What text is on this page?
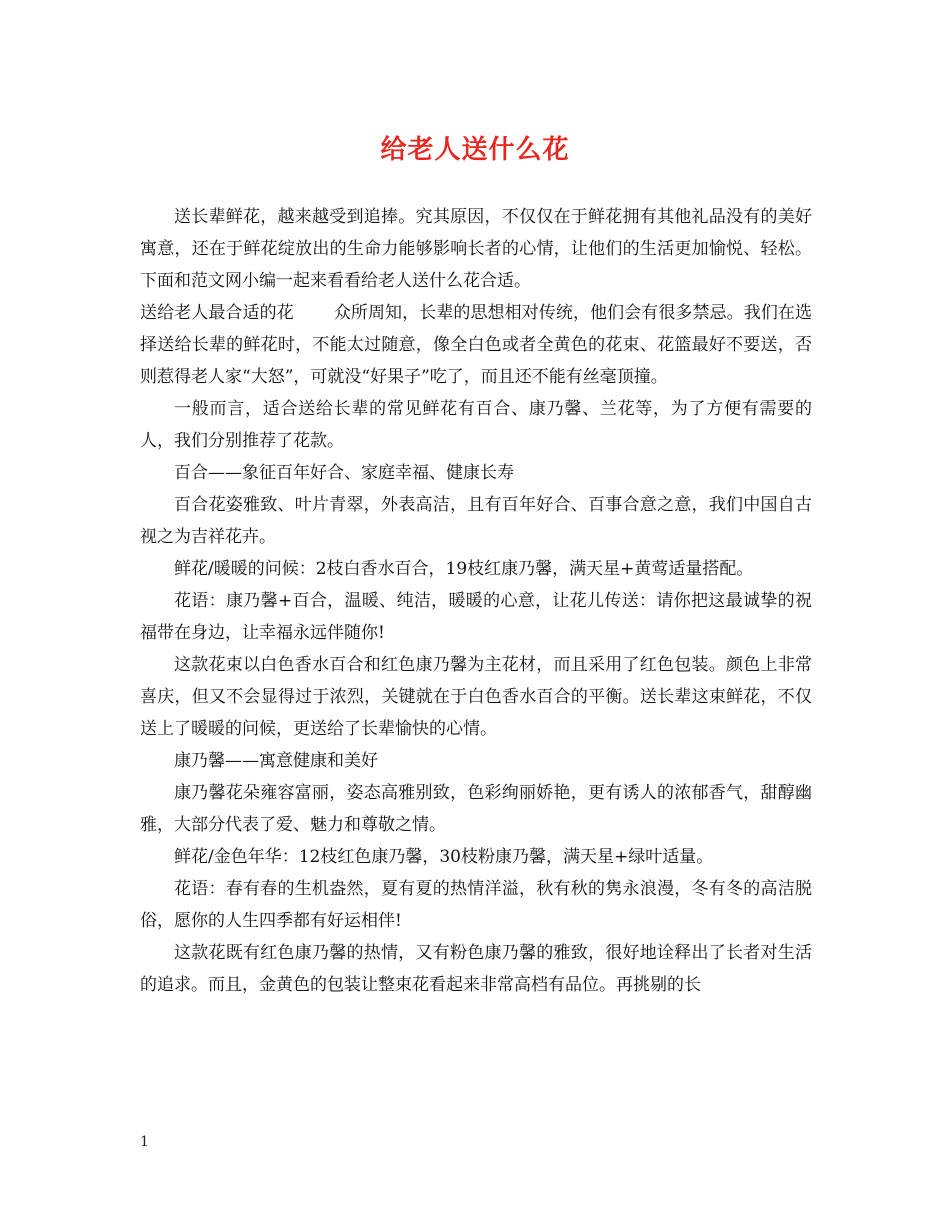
给老人送什么花

送长辈鲜花，越来越受到追捧。究其原因，不仅仅在于鲜花拥有其他礼品没有的美好寓意，还在于鲜花绽放出的生命力能够影响长者的心情，让他们的生活更加愉悦、轻松。下面和范文网小编一起来看看给老人送什么花合适。

送给老人最合适的花 众所周知，长辈的思想相对传统，他们会有很多禁忌。我们在选择送给长辈的鲜花时，不能太过随意，像全白色或者全黄色的花束、花篮最好不要送，否则惹得老人家“大怒”，可就没“好果子”吃了，而且还不能有丝毫顶撞。

一般而言，适合送给长辈的常见鲜花有百合、康乃馨、兰花等，为了方便有需要的人，我们分别推荐了花款。

百合——象征百年好合、家庭幸福、健康长寿

百合花姿雅致、叶片青翠，外表高洁，且有百年好合、百事合意之意，我们中国自古视之为吉祥花卉。

鲜花/暖暖的问候：2枝白香水百合，19枝红康乃馨，满天星+黄莺适量搭配。

花语：康乃馨+百合，温暖、纯洁，暖暖的心意，让花儿传送：请你把这最诚挚的祝福带在身边，让幸福永远伴随你!

这款花束以白色香水百合和红色康乃馨为主花材，而且采用了红色包装。颜色上非常喜庆，但又不会显得过于浓烈，关键就在于白色香水百合的平衡。送长辈这束鲜花，不仅送上了暖暖的问候，更送给了长辈愉快的心情。

康乃馨——寓意健康和美好

康乃馨花朵雍容富丽，姿态高雅别致，色彩绚丽娇艳，更有诱人的浓郁香气，甜醇幽雅，大部分代表了爱、魅力和尊敬之情。

鲜花/金色年华：12枝红色康乃馨，30枝粉康乃馨，满天星+绿叶适量。

花语：春有春的生机盎然，夏有夏的热情洋溢，秋有秋的隽永浪漫，冬有冬的高洁脱俗，愿你的人生四季都有好运相伴!

这款花既有红色康乃馨的热情，又有粉色康乃馨的雅致，很好地诠释出了长者对生活的追求。而且，金黄色的包装让整束花看起来非常高档有品位。再挑剔的长

1
